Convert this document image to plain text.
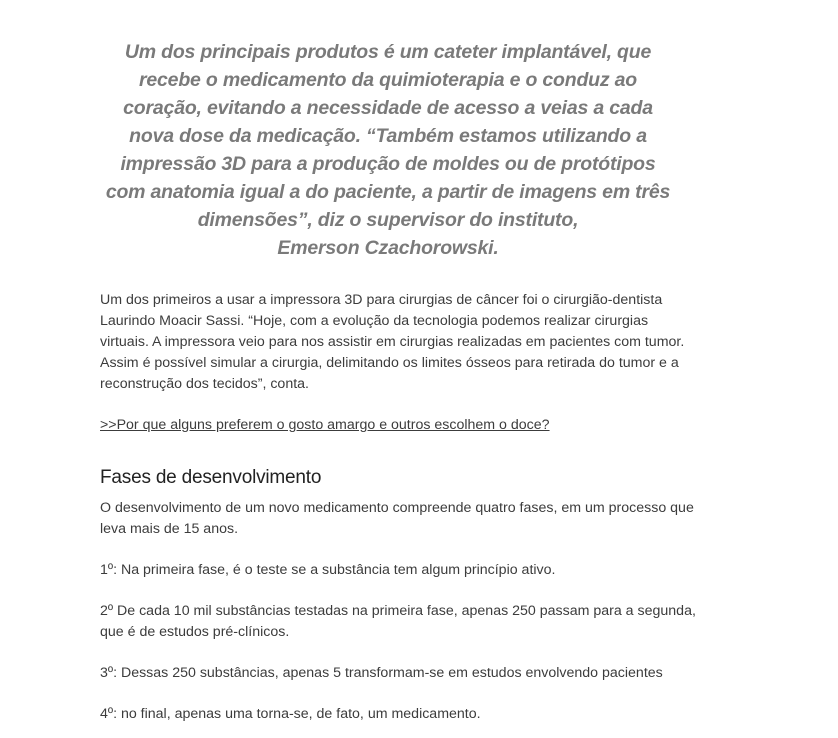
Um dos principais produtos é um cateter implantável, que
recebe o medicamento da quimioterapia e o conduz ao
coração, evitando a necessidade de acesso a veias a cada
nova dose da medicação. “Também estamos utilizando a
impressão 3D para a produção de moldes ou de protótipos
com anatomia igual a do paciente, a partir de imagens em três
dimensões”, diz o supervisor do instituto,
Emerson Czachorowski.

Um dos primeiros a usar a impressora 3D para cirurgias de câncer foi o cirurgião-dentista Laurindo Moacir Sassi. “Hoje, com a evolução da tecnologia podemos realizar cirurgias virtuais. A impressora veio para nos assistir em cirurgias realizadas em pacientes com tumor. Assim é possível simular a cirurgia, delimitando os limites ósseos para retirada do tumor e a reconstrução dos tecidos”, conta.

>>Por que alguns preferem o gosto amargo e outros escolhem o doce?
Fases de desenvolvimento

O desenvolvimento de um novo medicamento compreende quatro fases, em um processo que leva mais de 15 anos.

1º: Na primeira fase, é o teste se a substância tem algum princípio ativo.

2º De cada 10 mil substâncias testadas na primeira fase, apenas 250 passam para a segunda, que é de estudos pré-clínicos.

3º: Dessas 250 substâncias, apenas 5 transformam-se em estudos envolvendo pacientes

4º: no final, apenas uma torna-se, de fato, um medicamento.
